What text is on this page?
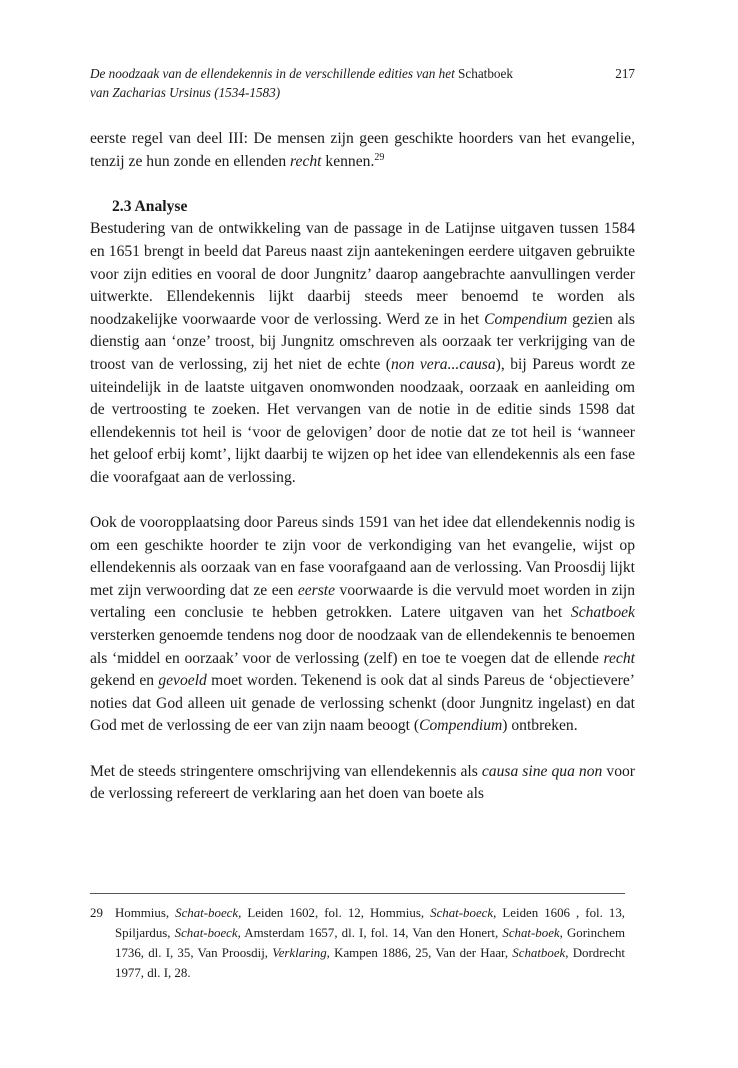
De noodzaak van de ellendekennis in de verschillende edities van het Schatboek
van Zacharias Ursinus (1534-1583)
217

eerste regel van deel III: De mensen zijn geen geschikte hoorders van het evangelie, tenzij ze hun zonde en ellenden recht kennen.$^{29}$

2.3 Analyse

Bestudering van de ontwikkeling van de passage in de Latijnse uitgaven tussen 1584 en 1651 brengt in beeld dat Pareus naast zijn aantekeningen eerdere uitgaven gebruikte voor zijn edities en vooral de door Jungnitz’ daarop aangebrachte aanvullingen verder uitwerkte. Ellendekennis lijkt daarbij steeds meer benoemd te worden als noodzakelijke voorwaarde voor de verlossing. Werd ze in het Compendium gezien als dienstig aan ‘onze’ troost, bij Jungnitz omschreven als oorzaak ter verkrijging van de troost van de verlossing, zij het niet de echte (non vera...causa), bij Pareus wordt ze uiteindelijk in de laatste uitgaven onomwonden noodzaak, oorzaak en aanleiding om de vertroosting te zoeken. Het vervangen van de notie in de editie sinds 1598 dat ellendekennis tot heil is ‘voor de gelovigen’ door de notie dat ze tot heil is ‘wanneer het geloof erbij komt’, lijkt daarbij te wijzen op het idee van ellendekennis als een fase die voorafgaat aan de verlossing.

Ook de vooropplaatsing door Pareus sinds 1591 van het idee dat ellendekennis nodig is om een geschikte hoorder te zijn voor de verkondiging van het evangelie, wijst op ellendekennis als oorzaak van en fase voorafgaand aan de verlossing. Van Proosdij lijkt met zijn verwoording dat ze een eerste voorwaarde is die vervuld moet worden in zijn vertaling een conclusie te hebben getrokken. Latere uitgaven van het Schatboek versterken genoemde tendens nog door de noodzaak van de ellendekennis te benoemen als ‘middel en oorzaak’ voor de verlossing (zelf) en toe te voegen dat de ellende recht gekend en gevoeld moet worden. Tekenend is ook dat al sinds Pareus de ‘objectievere’ noties dat God alleen uit genade de verlossing schenkt (door Jungnitz ingelast) en dat God met de verlossing de eer van zijn naam beoogt (Compendium) ontbreken.

Met de steeds stringentere omschrijving van ellendekennis als causa sine qua non voor de verlossing refereert de verklaring aan het doen van boete als

29 Hommius, Schat-boeck, Leiden 1602, fol. 12, Hommius, Schat-boeck, Leiden 1606 , fol. 13, Spiljardus, Schat-boeck, Amsterdam 1657, dl. I, fol. 14, Van den Honert, Schat-boek, Gorinchem 1736, dl. I, 35, Van Proosdij, Verklaring, Kampen 1886, 25, Van der Haar, Schatboek, Dordrecht 1977, dl. I, 28.
